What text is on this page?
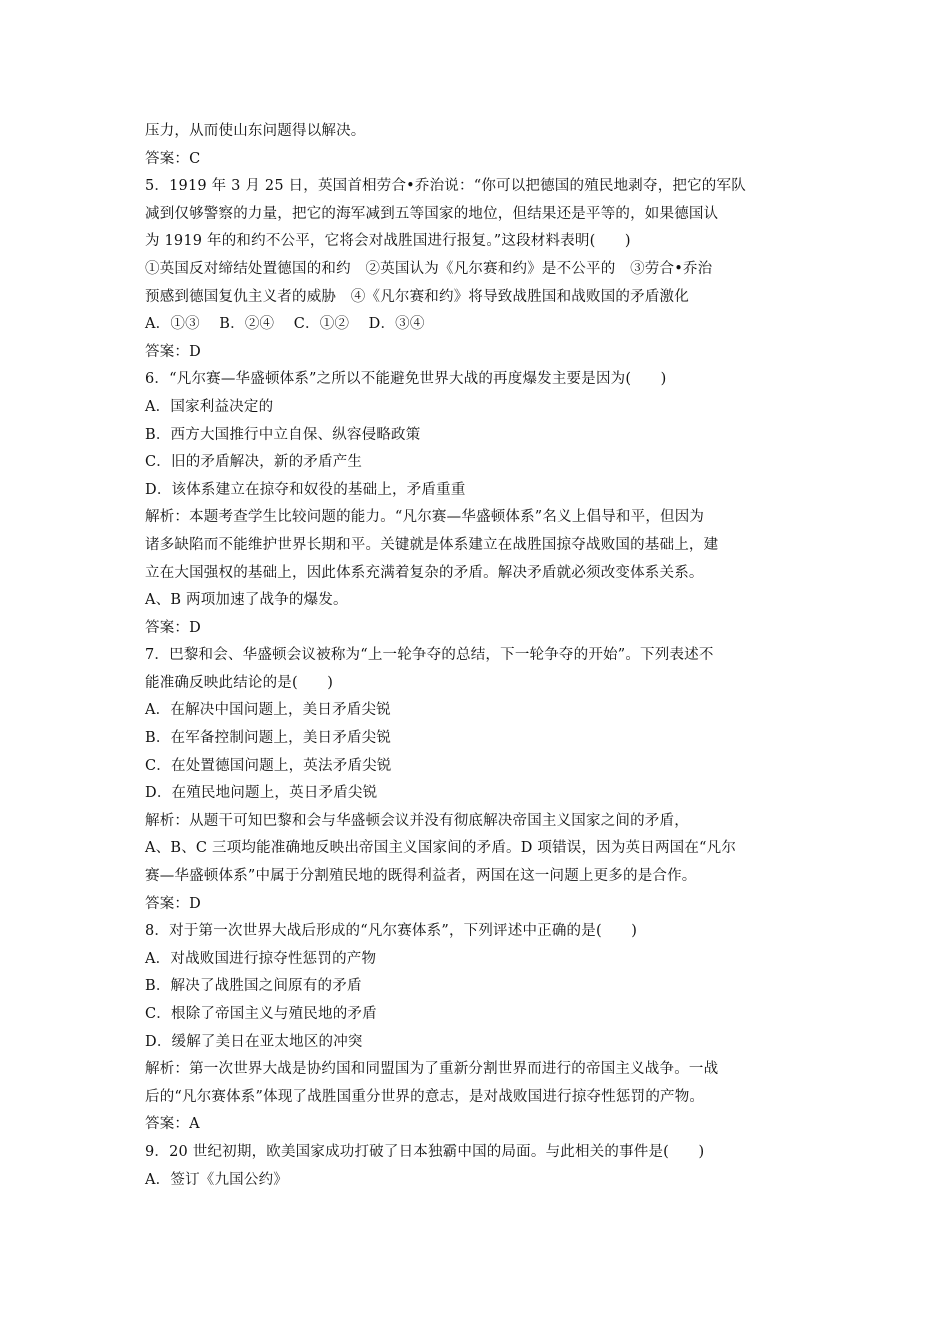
压力，从而使山东问题得以解决。
答案：C
5．1919 年 3 月 25 日，英国首相劳合•乔治说：“你可以把德国的殖民地剥夺，把它的军队
减到仅够警察的力量，把它的海军减到五等国家的地位，但结果还是平等的，如果德国认
为 1919 年的和约不公平，它将会对战胜国进行报复。”这段材料表明(　　)
①英国反对缔结处置德国的和约　②英国认为《凡尔赛和约》是不公平的　③劳合•乔治
预感到德国复仇主义者的威胁　④《凡尔赛和约》将导致战胜国和战败国的矛盾激化
A．①③　 B．②④　 C．①②　 D．③④
答案：D
6．“凡尔赛—华盛顿体系”之所以不能避免世界大战的再度爆发主要是因为(　　)
A．国家利益决定的
B．西方大国推行中立自保、纵容侵略政策
C．旧的矛盾解决，新的矛盾产生
D．该体系建立在掠夺和奴役的基础上，矛盾重重
解析：本题考查学生比较问题的能力。“凡尔赛—华盛顿体系”名义上倡导和平，但因为
诸多缺陷而不能维护世界长期和平。关键就是体系建立在战胜国掠夺战败国的基础上，建
立在大国强权的基础上，因此体系充满着复杂的矛盾。解决矛盾就必须改变体系关系。
A、B 两项加速了战争的爆发。
答案：D
7．巴黎和会、华盛顿会议被称为“上一轮争夺的总结，下一轮争夺的开始”。下列表述不
能准确反映此结论的是(　　)
A．在解决中国问题上，美日矛盾尖锐
B．在军备控制问题上，美日矛盾尖锐
C．在处置德国问题上，英法矛盾尖锐
D．在殖民地问题上，英日矛盾尖锐
解析：从题干可知巴黎和会与华盛顿会议并没有彻底解决帝国主义国家之间的矛盾，
A、B、C 三项均能准确地反映出帝国主义国家间的矛盾。D 项错误，因为英日两国在“凡尔
赛—华盛顿体系”中属于分割殖民地的既得利益者，两国在这一问题上更多的是合作。
答案：D
8．对于第一次世界大战后形成的“凡尔赛体系”，下列评述中正确的是(　　)
A．对战败国进行掠夺性惩罚的产物
B．解决了战胜国之间原有的矛盾
C．根除了帝国主义与殖民地的矛盾
D．缓解了美日在亚太地区的冲突
解析：第一次世界大战是协约国和同盟国为了重新分割世界而进行的帝国主义战争。一战
后的“凡尔赛体系”体现了战胜国重分世界的意志，是对战败国进行掠夺性惩罚的产物。
答案：A
9．20 世纪初期，欧美国家成功打破了日本独霸中国的局面。与此相关的事件是(　　)
A．签订《九国公约》
